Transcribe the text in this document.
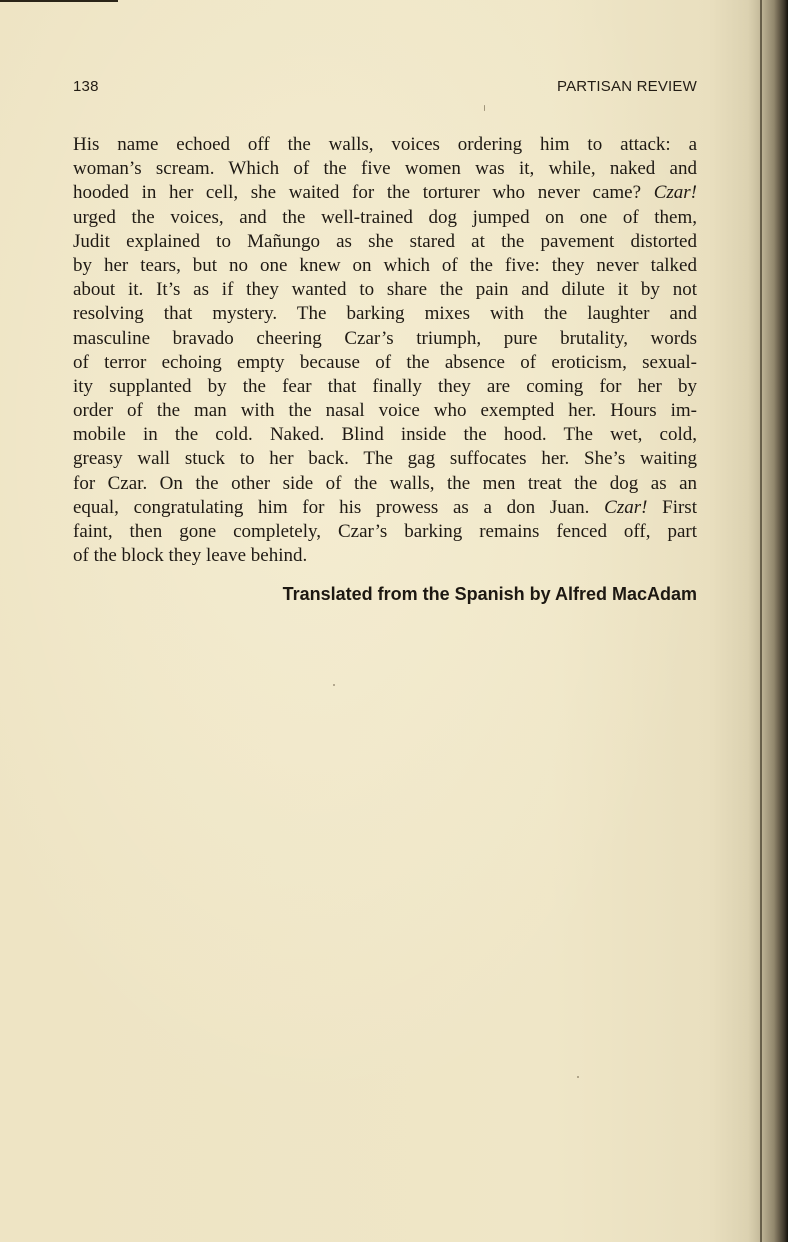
138	PARTISAN REVIEW
His name echoed off the walls, voices ordering him to attack: a
woman’s scream. Which of the five women was it, while, naked and
hooded in her cell, she waited for the torturer who never came? Czar!
urged the voices, and the well-trained dog jumped on one of them,
Judit explained to Mañungo as she stared at the pavement distorted
by her tears, but no one knew on which of the five: they never talked
about it. It’s as if they wanted to share the pain and dilute it by not
resolving that mystery. The barking mixes with the laughter and
masculine bravado cheering Czar’s triumph, pure brutality, words
of terror echoing empty because of the absence of eroticism, sexual-
ity supplanted by the fear that finally they are coming for her by
order of the man with the nasal voice who exempted her. Hours im-
mobile in the cold. Naked. Blind inside the hood. The wet, cold,
greasy wall stuck to her back. The gag suffocates her. She’s waiting
for Czar. On the other side of the walls, the men treat the dog as an
equal, congratulating him for his prowess as a don Juan. Czar! First
faint, then gone completely, Czar’s barking remains fenced off, part
of the block they leave behind.
Translated from the Spanish by Alfred MacAdam
